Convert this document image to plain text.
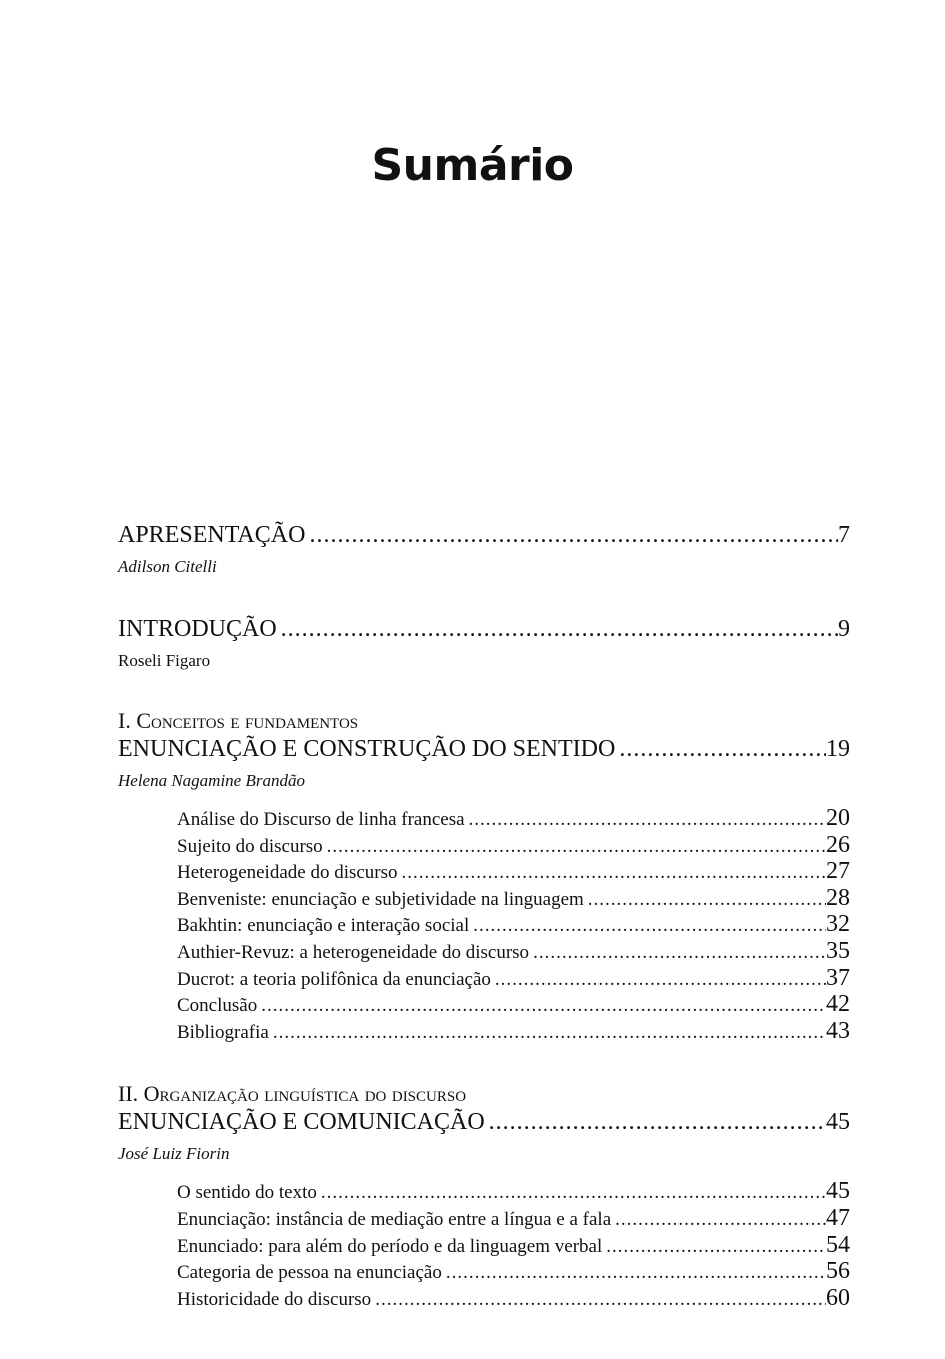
Sumário
APRESENTAÇÃO .....	7
Adilson Citelli
INTRODUÇÃO .....	9
Roseli Figaro
I. Conceitos e fundamentos
ENUNCIAÇÃO E CONSTRUÇÃO DO SENTIDO .....	19
Helena Nagamine Brandão
Análise do Discurso de linha francesa .....	20
Sujeito do discurso .....	26
Heterogeneidade do discurso .....	27
Benveniste: enunciação e subjetividade na linguagem .....	28
Bakhtin: enunciação e interação social .....	32
Authier-Revuz: a heterogeneidade do discurso .....	35
Ducrot: a teoria polifônica da enunciação .....	37
Conclusão .....	42
Bibliografia .....	43
II. Organização linguística do discurso
ENUNCIAÇÃO E COMUNICAÇÃO .....	45
José Luiz Fiorin
O sentido do texto .....	45
Enunciação: instância de mediação entre a língua e a fala .....	47
Enunciado: para além do período e da linguagem verbal .....	54
Categoria de pessoa na enunciação .....	56
Historicidade do discurso .....	60
